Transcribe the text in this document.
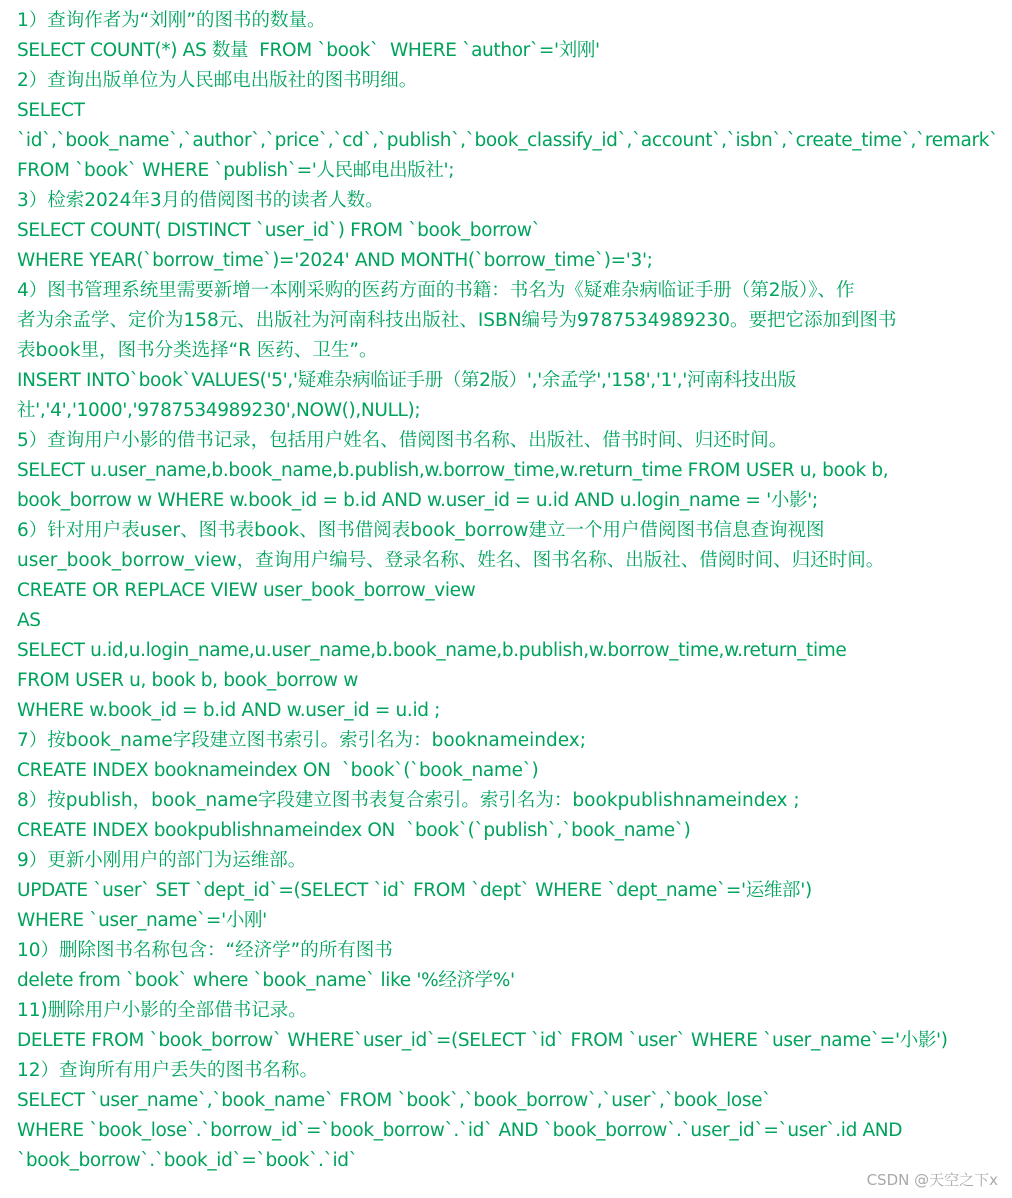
1）查询作者为“刘刚”的图书的数量。
SELECT COUNT(*) AS 数量  FROM `book`  WHERE `author`='刘刚'
2）查询出版单位为人民邮电出版社的图书明细。
SELECT
`id`,`book_name`,`author`,`price`,`cd`,`publish`,`book_classify_id`,`account`,`isbn`,`create_time`,`remark`
FROM `book` WHERE `publish`='人民邮电出版社';
3）检索2024年3月的借阅图书的读者人数。
SELECT COUNT( DISTINCT `user_id`) FROM `book_borrow`
WHERE YEAR(`borrow_time`)='2024' AND MONTH(`borrow_time`)='3';
4）图书管理系统里需要新增一本刚采购的医药方面的书籍：书名为《疑难杂病临证手册（第2版）》、作
者为余孟学、定价为158元、出版社为河南科技出版社、ISBN编号为9787534989230。要把它添加到图书
表book里，图书分类选择“R 医药、卫生”。
INSERT INTO`book`VALUES('5','疑难杂病临证手册（第2版）','余孟学','158','1','河南科技出版
社','4','1000','9787534989230',NOW(),NULL);
5）查询用户小影的借书记录，包括用户姓名、借阅图书名称、出版社、借书时间、归还时间。
SELECT u.user_name,b.book_name,b.publish,w.borrow_time,w.return_time FROM USER u, book b,
book_borrow w WHERE w.book_id = b.id AND w.user_id = u.id AND u.login_name = '小影';
6）针对用户表user、图书表book、图书借阅表book_borrow建立一个用户借阅图书信息查询视图
user_book_borrow_view，查询用户编号、登录名称、姓名、图书名称、出版社、借阅时间、归还时间。
CREATE OR REPLACE VIEW user_book_borrow_view
AS
SELECT u.id,u.login_name,u.user_name,b.book_name,b.publish,w.borrow_time,w.return_time
FROM USER u, book b, book_borrow w
WHERE w.book_id = b.id AND w.user_id = u.id ;
7）按book_name字段建立图书索引。索引名为：booknameindex;
CREATE INDEX booknameindex ON  `book`(`book_name`)
8）按publish，book_name字段建立图书表复合索引。索引名为：bookpublishnameindex ;
CREATE INDEX bookpublishnameindex ON  `book`(`publish`,`book_name`)
9）更新小刚用户的部门为运维部。
UPDATE `user` SET `dept_id`=(SELECT `id` FROM `dept` WHERE `dept_name`='运维部')
WHERE `user_name`='小刚'
10）删除图书名称包含：“经济学”的所有图书
delete from `book` where `book_name` like '%经济学%'
11)删除用户小影的全部借书记录。
DELETE FROM `book_borrow` WHERE`user_id`=(SELECT `id` FROM `user` WHERE `user_name`='小影')
12）查询所有用户丢失的图书名称。
SELECT `user_name`,`book_name` FROM `book`,`book_borrow`,`user`,`book_lose`
WHERE `book_lose`.`borrow_id`=`book_borrow`.`id` AND `book_borrow`.`user_id`=`user`.id AND
`book_borrow`.`book_id`=`book`.`id`
CSDN @天空之下x
